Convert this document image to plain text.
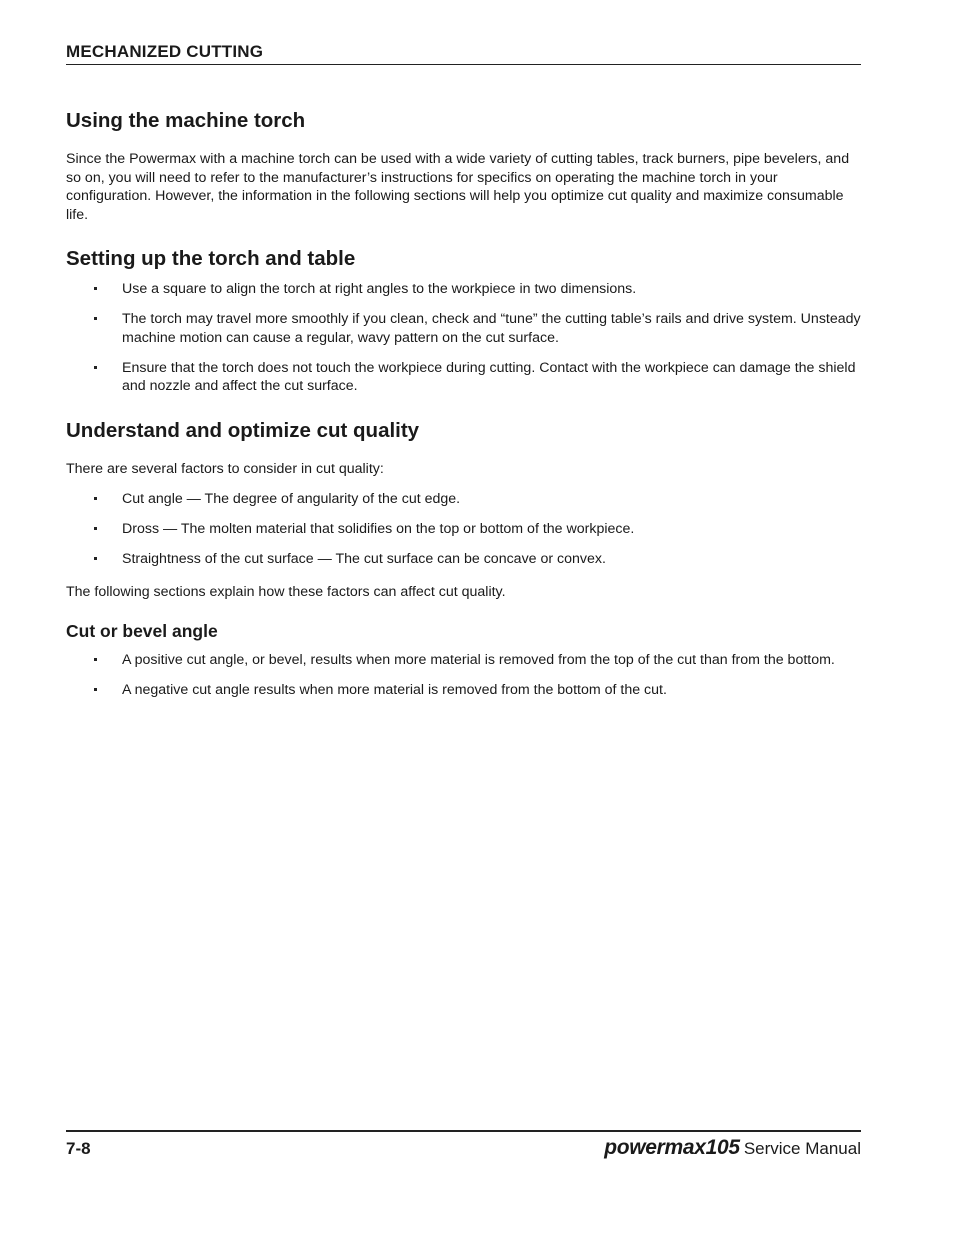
MECHANIZED CUTTING
Using the machine torch

Since the Powermax with a machine torch can be used with a wide variety of cutting tables, track burners, pipe bevelers, and so on, you will need to refer to the manufacturer’s instructions for specifics on operating the machine torch in your configuration. However, the information in the following sections will help you optimize cut quality and maximize consumable life.

Setting up the torch and table
Use a square to align the torch at right angles to the workpiece in two dimensions.
The torch may travel more smoothly if you clean, check and “tune” the cutting table’s rails and drive system. Unsteady machine motion can cause a regular, wavy pattern on the cut surface.
Ensure that the torch does not touch the workpiece during cutting. Contact with the workpiece can damage the shield and nozzle and affect the cut surface.
Understand and optimize cut quality

There are several factors to consider in cut quality:

Cut angle — The degree of angularity of the cut edge.
Dross — The molten material that solidifies on the top or bottom of the workpiece.
Straightness of the cut surface — The cut surface can be concave or convex.

The following sections explain how these factors can affect cut quality.

Cut or bevel angle
A positive cut angle, or bevel, results when more material is removed from the top of the cut than from the bottom.
A negative cut angle results when more material is removed from the bottom of the cut.
7-8	powermax105 Service Manual
